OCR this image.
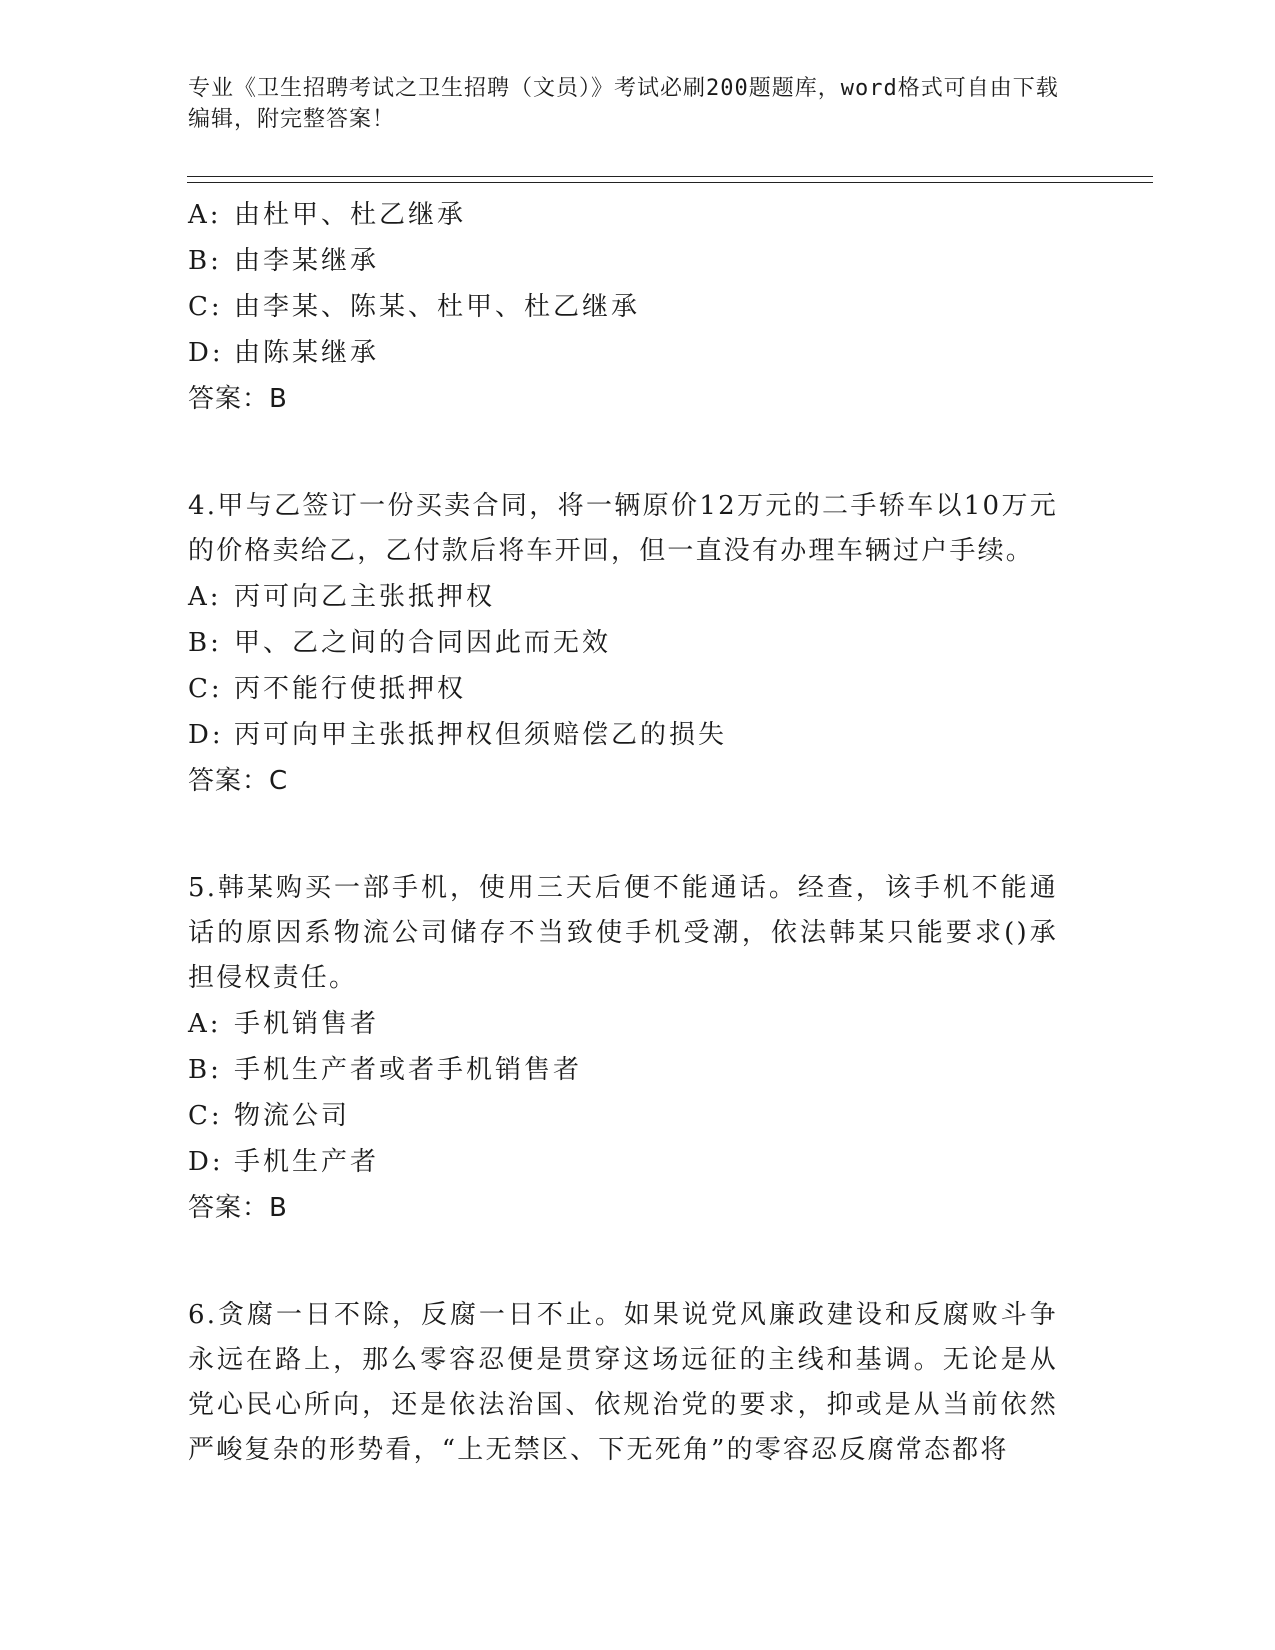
专业《卫生招聘考试之卫生招聘（文员）》考试必刷200题题库，word格式可自由下载编辑，附完整答案！
A: 由杜甲、杜乙继承
B: 由李某继承
C: 由李某、陈某、杜甲、杜乙继承
D: 由陈某继承
答案：B
4.甲与乙签订一份买卖合同，将一辆原价12万元的二手轿车以10万元的价格卖给乙，乙付款后将车开回，但一直没有办理车辆过户手续。
A: 丙可向乙主张抵押权
B: 甲、乙之间的合同因此而无效
C: 丙不能行使抵押权
D: 丙可向甲主张抵押权但须赔偿乙的损失
答案：C
5.韩某购买一部手机，使用三天后便不能通话。经查，该手机不能通话的原因系物流公司储存不当致使手机受潮，依法韩某只能要求()承担侵权责任。
A: 手机销售者
B: 手机生产者或者手机销售者
C: 物流公司
D: 手机生产者
答案：B
6.贪腐一日不除，反腐一日不止。如果说党风廉政建设和反腐败斗争永远在路上，那么零容忍便是贯穿这场远征的主线和基调。无论是从党心民心所向，还是依法治国、依规治党的要求，抑或是从当前依然严峻复杂的形势看，“上无禁区、下无死角”的零容忍反腐常态都将
